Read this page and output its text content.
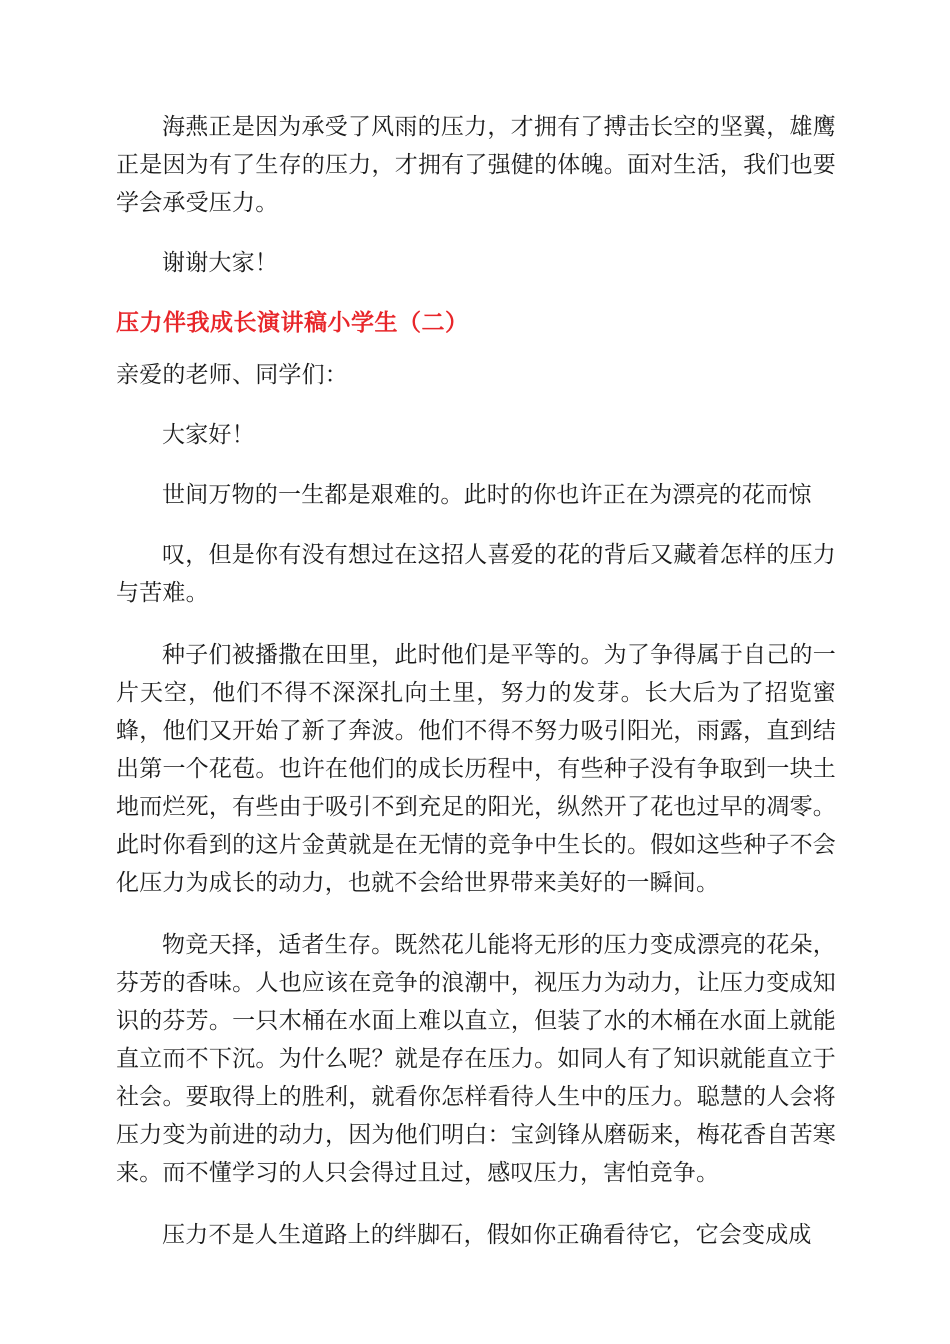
海燕正是因为承受了风雨的压力，才拥有了搏击长空的坚翼，雄鹰正是因为有了生存的压力，才拥有了强健的体魄。面对生活，我们也要学会承受压力。

谢谢大家！

压力伴我成长演讲稿小学生（二）

亲爱的老师、同学们：

大家好！

世间万物的一生都是艰难的。此时的你也许正在为漂亮的花而惊

叹，但是你有没有想过在这招人喜爱的花的背后又藏着怎样的压力与苦难。

种子们被播撒在田里，此时他们是平等的。为了争得属于自己的一片天空，他们不得不深深扎向土里，努力的发芽。长大后为了招览蜜蜂，他们又开始了新了奔波。他们不得不努力吸引阳光，雨露，直到结出第一个花苞。也许在他们的成长历程中，有些种子没有争取到一块土地而烂死，有些由于吸引不到充足的阳光，纵然开了花也过早的凋零。此时你看到的这片金黄就是在无情的竞争中生长的。假如这些种子不会化压力为成长的动力，也就不会给世界带来美好的一瞬间。

物竞天择，适者生存。既然花儿能将无形的压力变成漂亮的花朵，芬芳的香味。人也应该在竞争的浪潮中，视压力为动力，让压力变成知识的芬芳。一只木桶在水面上难以直立，但装了水的木桶在水面上就能直立而不下沉。为什么呢？就是存在压力。如同人有了知识就能直立于社会。要取得上的胜利，就看你怎样看待人生中的压力。聪慧的人会将压力变为前进的动力，因为他们明白：宝剑锋从磨砺来，梅花香自苦寒来。而不懂学习的人只会得过且过，感叹压力，害怕竞争。

压力不是人生道路上的绊脚石，假如你正确看待它，它会变成成
